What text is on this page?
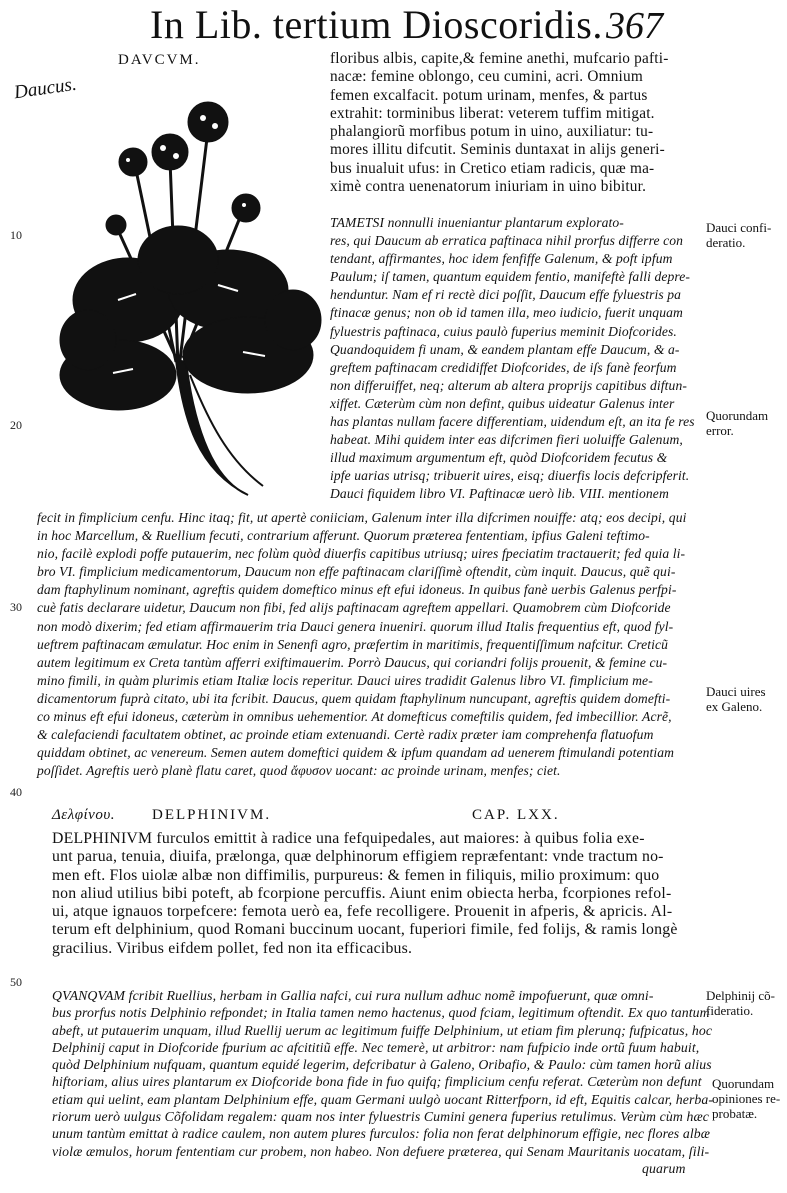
In Lib. tertium Dioscoridis. 367
DAVCVM.
Daucus.
10
20
30
40
50
floribus albis, capite,& femine anethi, mufcario pafti-
nacæ: femine oblongo, ceu cumini, acri. Omnium
femen excalfacit. potum urinam, menfes, & partus
extrahit: torminibus liberat: veterem tuffim mitigat.
phalangiorũ morfibus potum in uino, auxiliatur: tu-
mores illitu difcutit. Seminis duntaxat in alijs generi-
bus inualuit ufus: in Cretico etiam radicis, quæ ma-
ximè contra uenenatorum iniuriam in uino bibitur.
TAMETSI nonnulli inueniantur plantarum explorato-
res, qui Daucum ab erratica paftinaca nihil prorfus differre con
tendant, affirmantes, hoc idem fenfiffe Galenum, & poft ipfum
Paulum; iſ tamen, quantum equidem fentio, manifeftè falli depre-
henduntur. Nam ef ri rectè dici poſſit, Daucum effe fyluestris pa
ftinacæ genus; non ob id tamen illa, meo iudicio, fuerit unquam
fyluestris paftinaca, cuius paulò fuperius meminit Diofcorides.
Quandoquidem fi unam, & eandem plantam effe Daucum, & a-
greftem paftinacam credidiffet Diofcorides, de iſs fanè feorfum
non differuiffet, neq; alterum ab altera proprijs capitibus diftun-
xiffet. Cæterùm cùm non defint, quibus uideatur Galenus inter
has plantas nullam facere differentiam, uidendum eſt, an ita fe res
habeat. Mihi quidem inter eas difcrimen fieri uoluiffe Galenum,
illud maximum argumentum eft, quòd Diofcoridem fecutus &
ipfe uarias utrisq; tribuerit uires, eisq; diuerfis locis defcripferit.
Dauci fiquidem libro VI. Paftinacæ uerò lib. VIII. mentionem
fecit in fimplicium cenfu. Hinc itaq; fit, ut apertè coniiciam, Galenum inter illa difcrimen nouiffe: atq; eos decipi, qui
in hoc Marcellum, & Ruellium fecuti, contrarium afferunt. Quorum præterea fententiam, ipfius Galeni teftimo-
nio, facilè explodi poffe putauerim, nec folùm quòd diuerfis capitibus utriusq; uires fpeciatim tractauerit; fed quia li-
bro VI. fimplicium medicamentorum, Daucum non effe paftinacam clariſſimè oftendit, cùm inquit. Daucus, quẽ qui-
dam ftaphylinum nominant, agreftis quidem domeftico minus eft efui idoneus. In quibus fanè uerbis Galenus perfpi-
cuè fatis declarare uidetur, Daucum non fibi, fed alijs paftinacam agreftem appellari. Quamobrem cùm Diofcoride
non modò dixerim; fed etiam affirmauerim tria Dauci genera inueniri. quorum illud Italis frequentius eft, quod fyl-
ueftrem paftinacam æmulatur. Hoc enim in Senenfi agro, præfertim in maritimis, frequentiſſimum nafcitur. Creticũ
autem legitimum ex Creta tantùm afferri exiftimauerim. Porrò Daucus, qui coriandri folijs prouenit, & femine cu-
mino fimili, in quàm plurimis etiam Italiæ locis reperitur. Dauci uires tradidit Galenus libro VI. fimplicium me-
dicamentorum fuprà citato, ubi ita fcribit. Daucus, quem quidam ftaphylinum nuncupant, agreftis quidem domefti-
co minus eft efui idoneus, cæterùm in omnibus uehementior. At domefticus comeftilis quidem, fed imbecillior. Acrẽ,
& calefaciendi facultatem obtinet, ac proinde etiam extenuandi. Certè radix præter iam comprehenfa flatuofum
quiddam obtinet, ac venereum. Semen autem domeftici quidem & ipfum quandam ad uenerem ftimulandi potentiam
poſſidet. Agreftis uerò planè flatu caret, quod ἄφυσον uocant: ac proinde urinam, menfes; ciet.
Δελφίνου. DELPHINIVM.	CAP. LXX.
DELPHINIVM furculos emittit à radice una fefquipedales, aut maiores: à quibus folia exe-
unt parua, tenuia, diuifa, prælonga, quæ delphinorum effigiem repræfentant: vnde tractum no-
men eft. Flos uiolæ albæ non diffimilis, purpureus: & femen in filiquis, milio proximum: quo
non aliud utilius bibi poteft, ab fcorpione percuffis. Aiunt enim obiecta herba, fcorpiones refol-
ui, atque ignauos torpefcere: femota uerò ea, fefe recolligere. Prouenit in afperis, & apricis. Al-
terum eft delphinium, quod Romani buccinum uocant, fuperiori fimile, fed folijs, & ramis longè
gracilius. Viribus eifdem pollet, fed non ita efficacibus.
QVANQVAM fcribit Ruellius, herbam in Gallia nafci, cui rura nullum adhuc nomẽ impofuerunt, quæ omni-
bus prorfus notis Delphinio refpondet; in Italia tamen nemo hactenus, quod fciam, legitimum oftendit. Ex quo tantum
abeft, ut putauerim unquam, illud Ruellij uerum ac legitimum fuiffe Delphinium, ut etiam fim plerunq; fufpicatus, hoc
Delphinij caput in Diofcoride fpurium ac afcititiũ effe. Nec temerè, ut arbitror: nam fufpicio inde ortũ fuum habuit,
quòd Delphinium nufquam, quantum equidé legerim, defcribatur à Galeno, Oribafio, & Paulo: cùm tamen horũ alius
hiftoriam, alius uires plantarum ex Diofcoride bona fide in fuo quifq; fimplicium cenfu referat. Cæterùm non defunt
etiam qui uelint, eam plantam Delphinium effe, quam Germani uulgò uocant Ritterfporn, id eft, Equitis calcar, herba-
riorum uerò uulgus Cõfolidam regalem: quam nos inter fyluestris Cumini genera fuperius retulimus. Verùm cùm hæc
unum tantùm emittat à radice caulem, non autem plures furculos: folia non ferat delphinorum effigie, nec flores albæ
violæ æmulos, horum fententiam cur probem, non habeo. Non defuere præterea, qui Senam Mauritanis uocatam, ſili-
quarum
Dauci confi-
deratio.
Quorundam
error.
Dauci uires
ex Galeno.
Delphinij cõ-
fideratio.
Quorundam
opiniones re-
probatæ.
